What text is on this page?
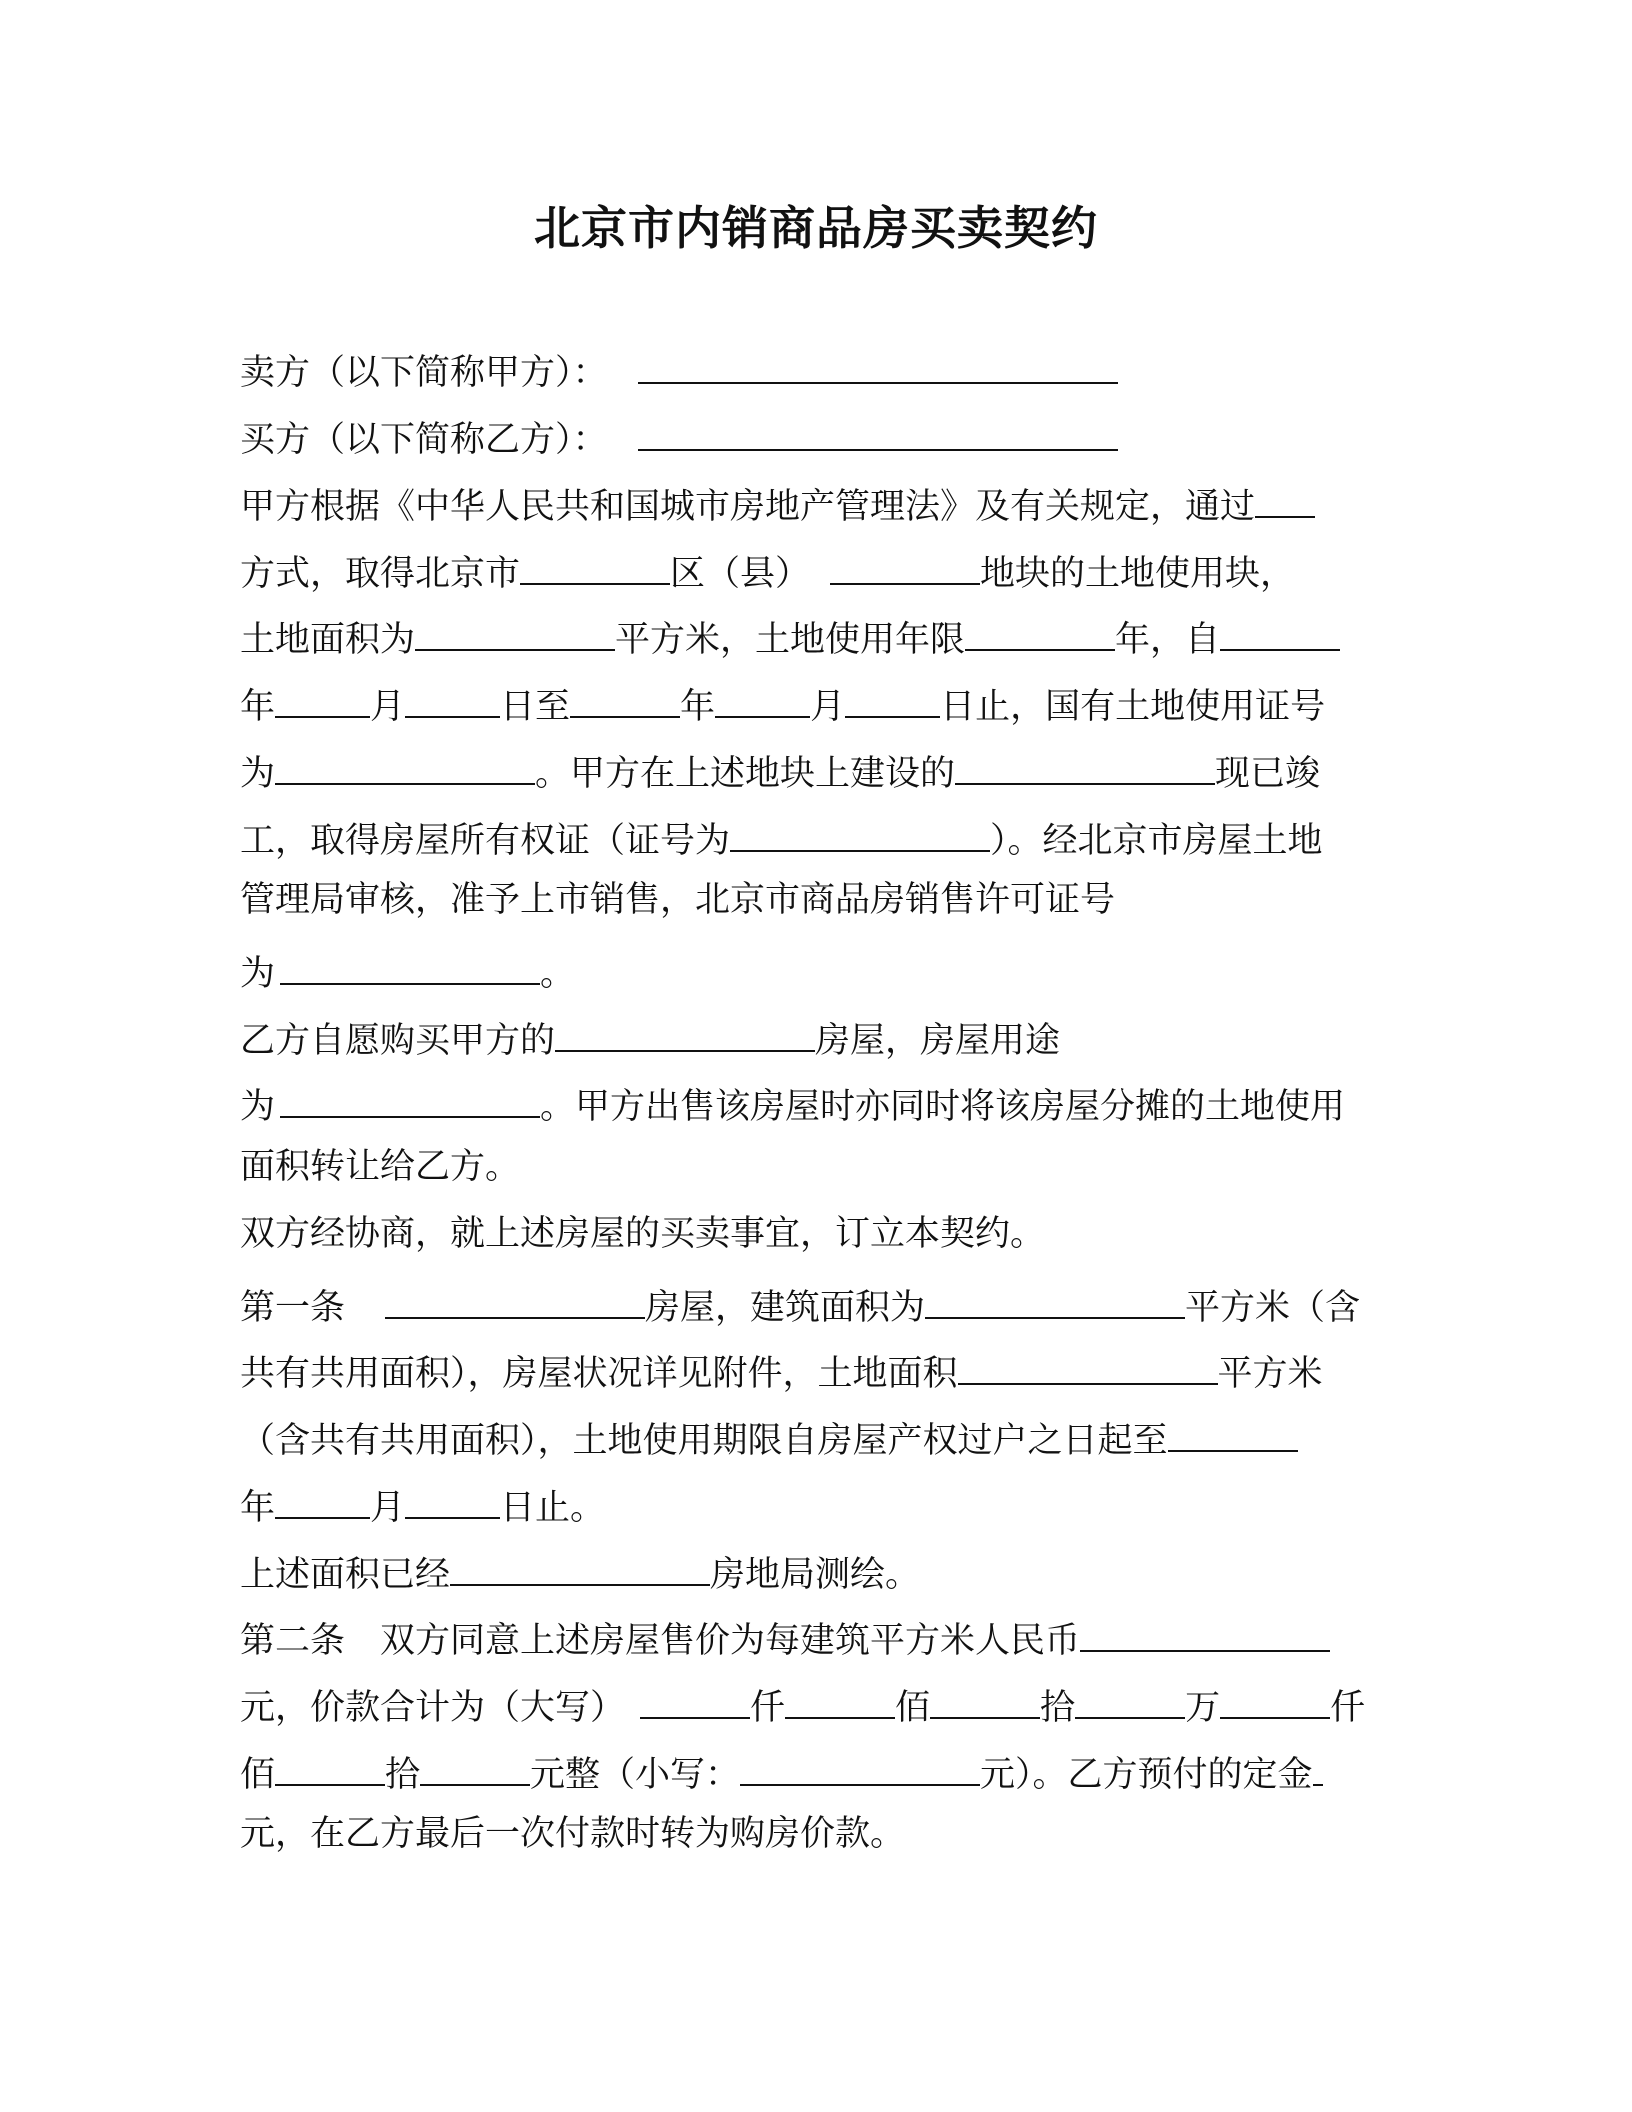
北京市内销商品房买卖契约
卖方（以下简称甲方）：
买方（以下简称乙方）：
甲方根据《中华人民共和国城市房地产管理法》及有关规定，通过
方式，取得北京市	区（县）	地块的土地使用块，
土地面积为	平方米，土地使用年限	年，自
年	月	日至	年	月	日止，国有土地使用证号
为	。甲方在上述地块上建设的	现已竣
工，取得房屋所有权证（证号为	）。经北京市房屋土地
管理局审核，准予上市销售，北京市商品房销售许可证号
为	。
乙方自愿购买甲方的	房屋，房屋用途
为	。甲方出售该房屋时亦同时将该房屋分摊的土地使用
面积转让给乙方。
双方经协商，就上述房屋的买卖事宜，订立本契约。
第一条	房屋，建筑面积为	平方米（含
共有共用面积），房屋状况详见附件，土地面积	平方米
（含共有共用面积），土地使用期限自房屋产权过户之日起至
年	月	日止。
上述面积已经	房地局测绘。
第二条　双方同意上述房屋售价为每建筑平方米人民币
元，价款合计为（大写）	仟	佰	拾	万	仟
佰	拾	元整（小写：	元）。乙方预付的定金
元，在乙方最后一次付款时转为购房价款。
